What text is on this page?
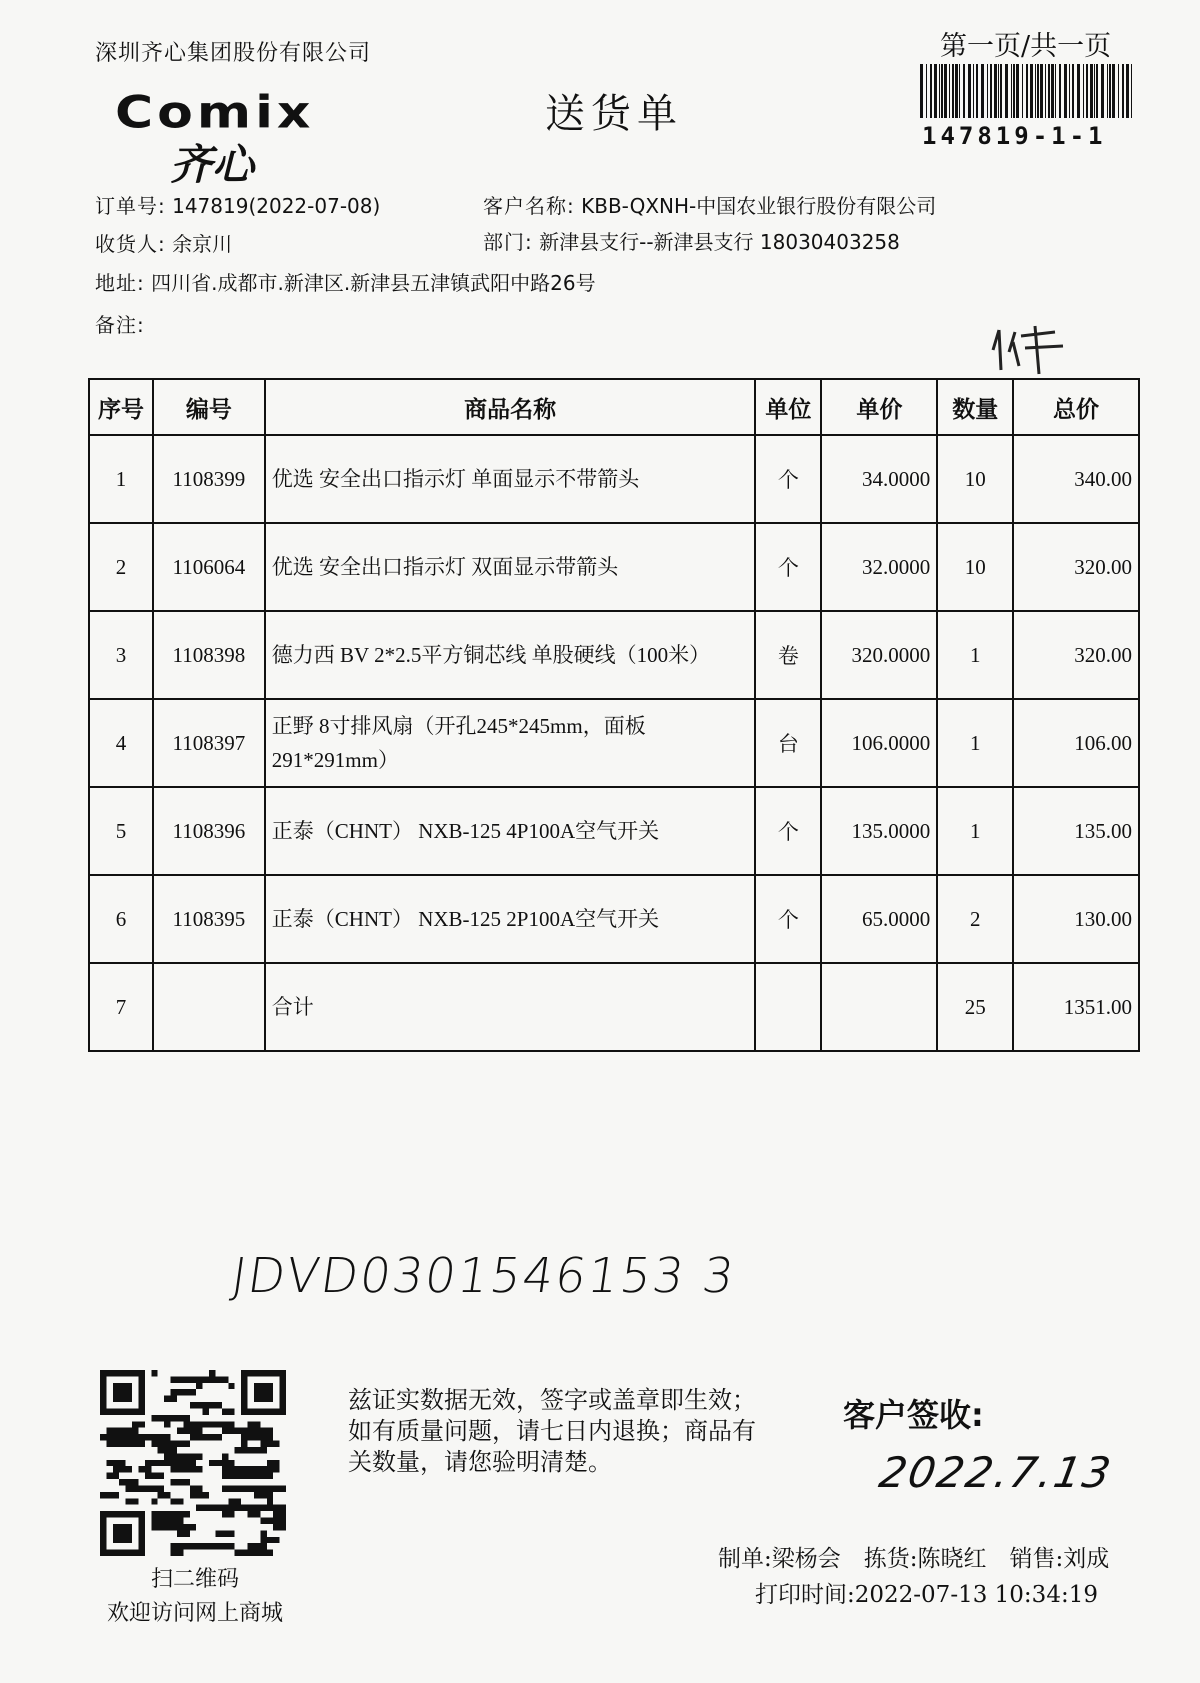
深圳齐心集团股份有限公司
Comix
齐心
送货单
第一页/共一页
147819-1-1
订单号: 147819(2022-07-08)	客户名称: KBB-QXNH-中国农业银行股份有限公司
收货人: 余京川	部门: 新津县支行--新津县支行 18030403258
地址: 四川省.成都市.新津区.新津县五津镇武阳中路26号
备注:
序号	编号	商品名称	单位	单价	数量	总价
1	1108399	优选 安全出口指示灯 单面显示不带箭头	个	34.0000	10	340.00
2	1106064	优选 安全出口指示灯 双面显示带箭头	个	32.0000	10	320.00
3	1108398	德力西 BV 2*2.5平方铜芯线 单股硬线（100米）	卷	320.0000	1	320.00
4	1108397	正野 8寸排风扇（开孔245*245mm，面板291*291mm）	台	106.0000	1	106.00
5	1108396	正泰（CHNT） NXB-125 4P100A空气开关	个	135.0000	1	135.00
6	1108395	正泰（CHNT） NXB-125 2P100A空气开关	个	65.0000	2	130.00
7		合计			25	1351.00
JDVD0301546153 3
扫二维码
欢迎访问网上商城
兹证实数据无效，签字或盖章即生效；如有质量问题，请七日内退换；商品有关数量，请您验明清楚。
客户签收:
2022.7.13
制单:梁杨会　拣货:陈晓红　销售:刘成
打印时间:2022-07-13 10:34:19
